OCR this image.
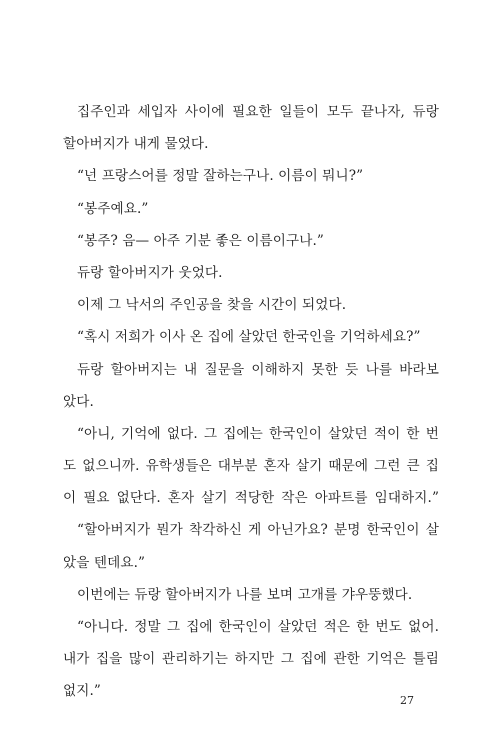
집주인과 세입자 사이에 필요한 일들이 모두 끝나자, 듀랑
할아버지가 내게 물었다.
“넌 프랑스어를 정말 잘하는구나. 이름이 뭐니?”
“봉주예요.”
“봉주? 음— 아주 기분 좋은 이름이구나.”
듀랑 할아버지가 웃었다.
이제 그 낙서의 주인공을 찾을 시간이 되었다.
“혹시 저희가 이사 온 집에 살았던 한국인을 기억하세요?”
듀랑 할아버지는 내 질문을 이해하지 못한 듯 나를 바라보
았다.
“아니, 기억에 없다. 그 집에는 한국인이 살았던 적이 한 번
도 없으니까. 유학생들은 대부분 혼자 살기 때문에 그런 큰 집
이 필요 없단다. 혼자 살기 적당한 작은 아파트를 임대하지.”
“할아버지가 뭔가 착각하신 게 아닌가요? 분명 한국인이 살
았을 텐데요.”
이번에는 듀랑 할아버지가 나를 보며 고개를 갸우뚱했다.
“아니다. 정말 그 집에 한국인이 살았던 적은 한 번도 없어.
내가 집을 많이 관리하기는 하지만 그 집에 관한 기억은 틀림
없지.”
27
